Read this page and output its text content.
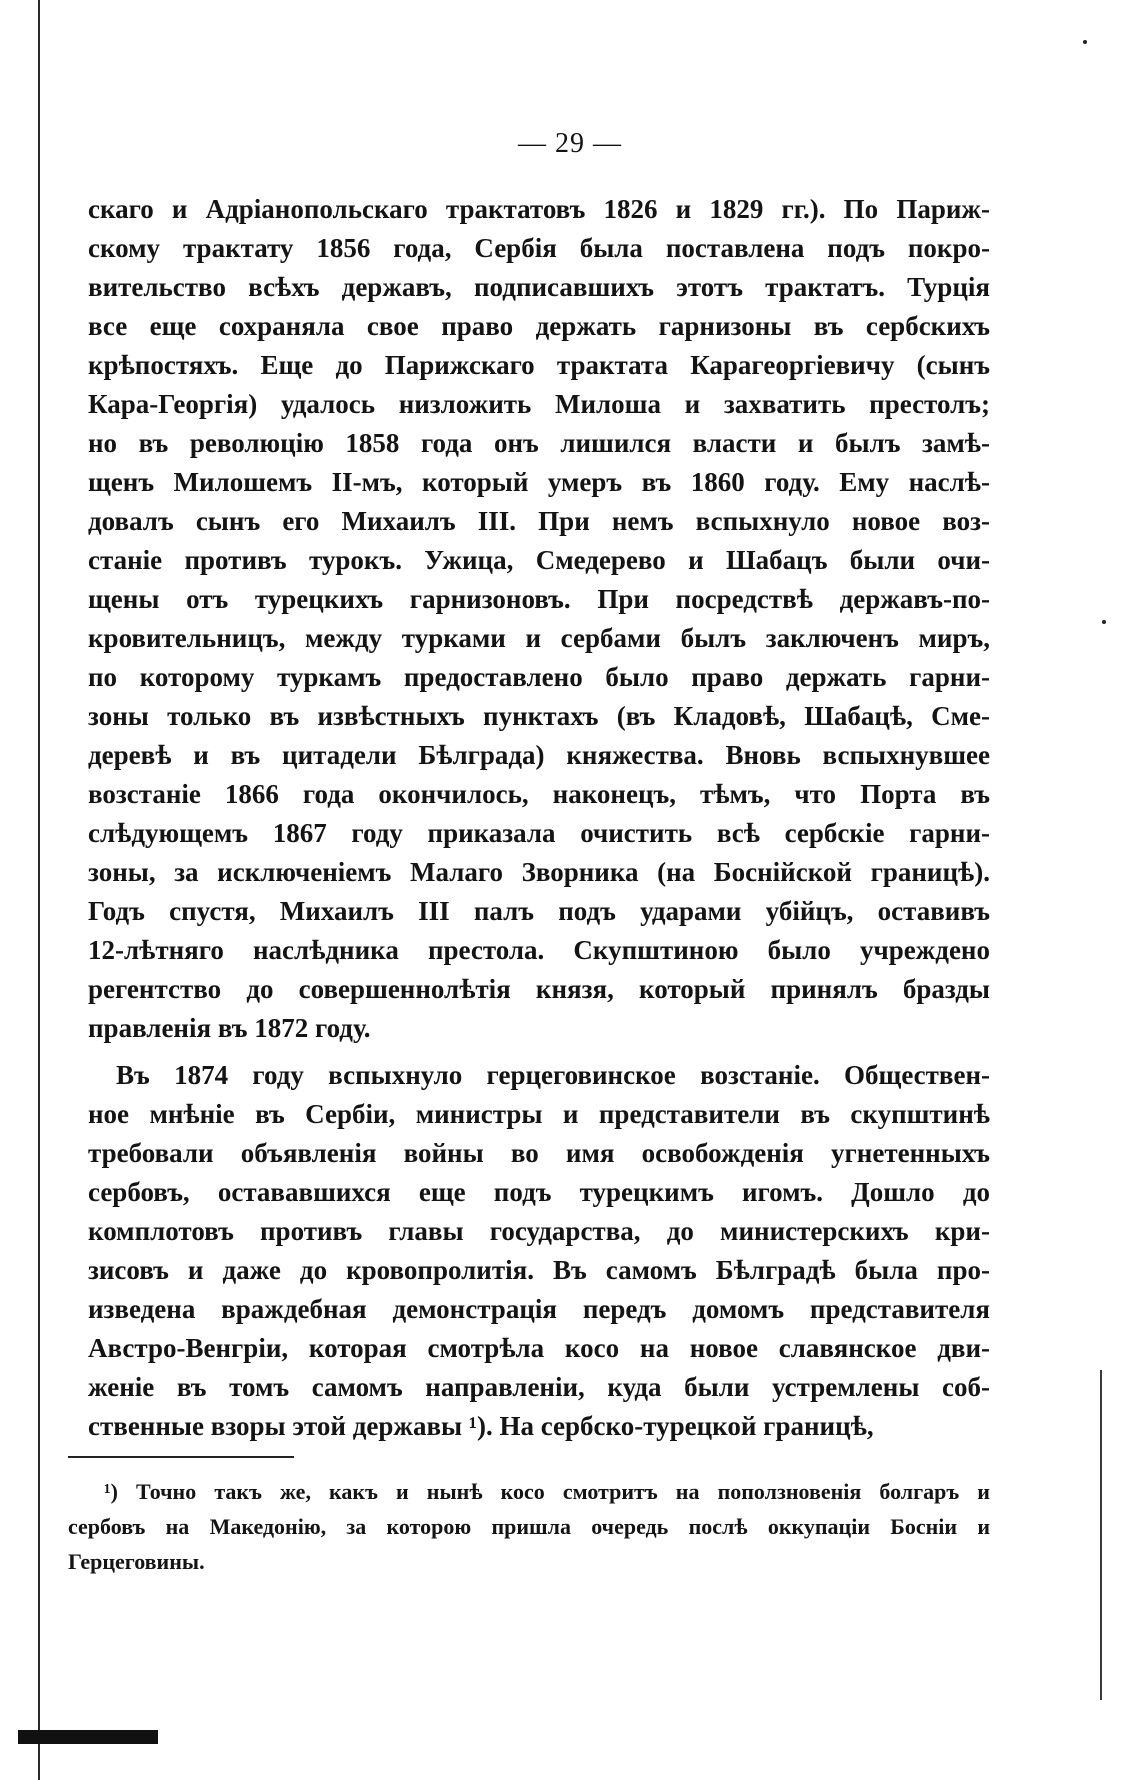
— 29 —
скаго и Адріанопольскаго трактатовъ 1826 и 1829 гг.). По Париж-
скому трактату 1856 года, Сербія была поставлена подъ покро-
вительство всѣхъ державъ, подписавшихъ этотъ трактатъ. Турція
все еще сохраняла свое право держать гарнизоны въ сербскихъ
крѣпостяхъ. Еще до Парижскаго трактата Карагеоргіевичу (сынъ
Кара-Георгія) удалось низложить Милоша и захватить престолъ;
но въ революцію 1858 года онъ лишился власти и былъ замѣ-
щенъ Милошемъ II-мъ, который умеръ въ 1860 году. Ему наслѣ-
довалъ сынъ его Михаилъ III. При немъ вспыхнуло новое воз-
станіе противъ турокъ. Ужица, Смедерево и Шабацъ были очи-
щены отъ турецкихъ гарнизоновъ. При посредствѣ державъ-по-
кровительницъ, между турками и сербами былъ заключенъ миръ,
по которому туркамъ предоставлено было право держать гарни-
зоны только въ извѣстныхъ пунктахъ (въ Кладовѣ, Шабацѣ, Сме-
деревѣ и въ цитадели Бѣлграда) княжества. Вновь вспыхнувшее
возстаніе 1866 года окончилось, наконецъ, тѣмъ, что Порта въ
слѣдующемъ 1867 году приказала очистить всѣ сербскіе гарни-
зоны, за исключеніемъ Малаго Зворника (на Боснійской границѣ).
Годъ спустя, Михаилъ III палъ подъ ударами убійцъ, оставивъ
12-лѣтняго наслѣдника престола. Скупштиною было учреждено
регентство до совершеннолѣтія князя, который принялъ бразды
правленія въ 1872 году.
Въ 1874 году вспыхнуло герцеговинское возстаніе. Обществен-
ное мнѣніе въ Сербіи, министры и представители въ скупштинѣ
требовали объявленія войны во имя освобожденія угнетенныхъ
сербовъ, остававшихся еще подъ турецкимъ игомъ. Дошло до
комплотовъ противъ главы государства, до министерскихъ кри-
зисовъ и даже до кровопролитія. Въ самомъ Бѣлградѣ была про-
изведена враждебная демонстрація передъ домомъ представителя
Австро-Венгріи, которая смотрѣла косо на новое славянское дви-
женіе въ томъ самомъ направленіи, куда были устремлены соб-
ственные взоры этой державы ¹). На сербско-турецкой границѣ,
¹) Точно такъ же, какъ и нынѣ косо смотритъ на поползновенія болгаръ и
сербовъ на Македонію, за которою пришла очередь послѣ оккупаціи Босніи и
Герцеговины.
